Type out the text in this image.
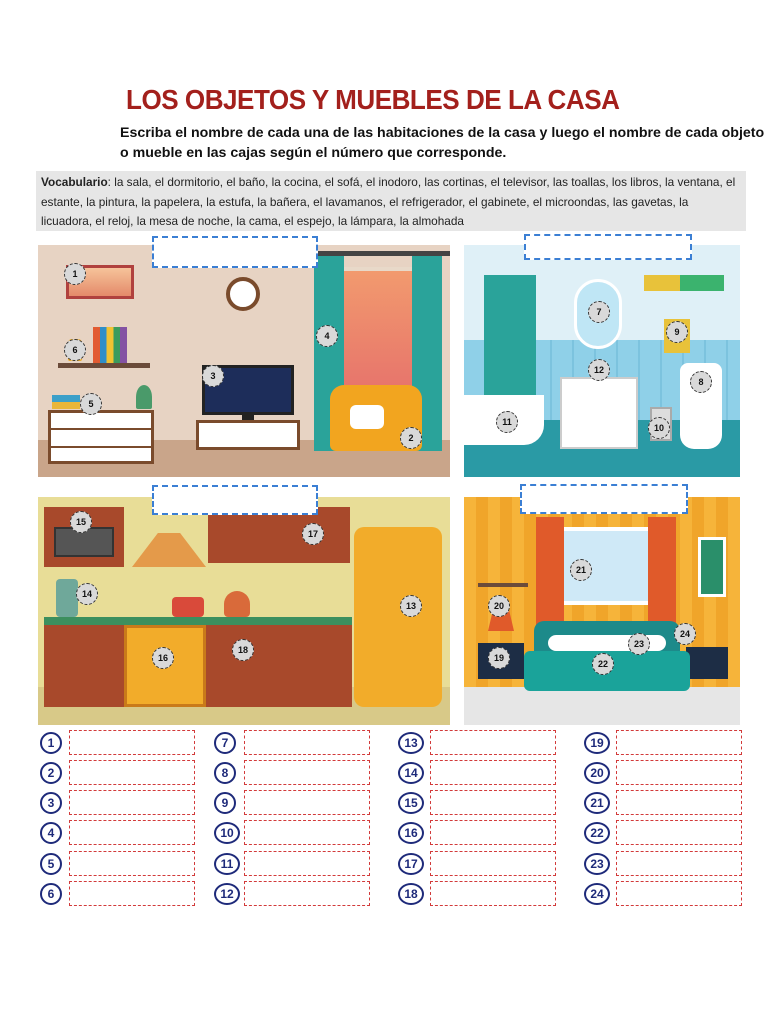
LOS OBJETOS Y MUEBLES DE LA CASA
Escriba el nombre de cada una de las habitaciones de la casa y luego el nombre de cada objeto o mueble en las cajas según el número que corresponde.
Vocabulario: la sala, el dormitorio, el baño, la cocina, el sofá, el inodoro, las cortinas, el televisor, las toallas, los libros, la ventana, el estante, la pintura, la papelera, la estufa, la bañera, el lavamanos, el refrigerador, el gabinete, el microondas, las gavetas, la licuadora, el reloj, la mesa de noche, la cama, el espejo, la lámpara, la almohada
1
2
3
4
5
6
7
8
9
10
11
12
13
14
15
16
17
18
19
20
21
22
23
24
1
2
3
4
5
6
7
8
9
10
11
12
13
14
15
16
17
18
19
20
21
22
23
24
